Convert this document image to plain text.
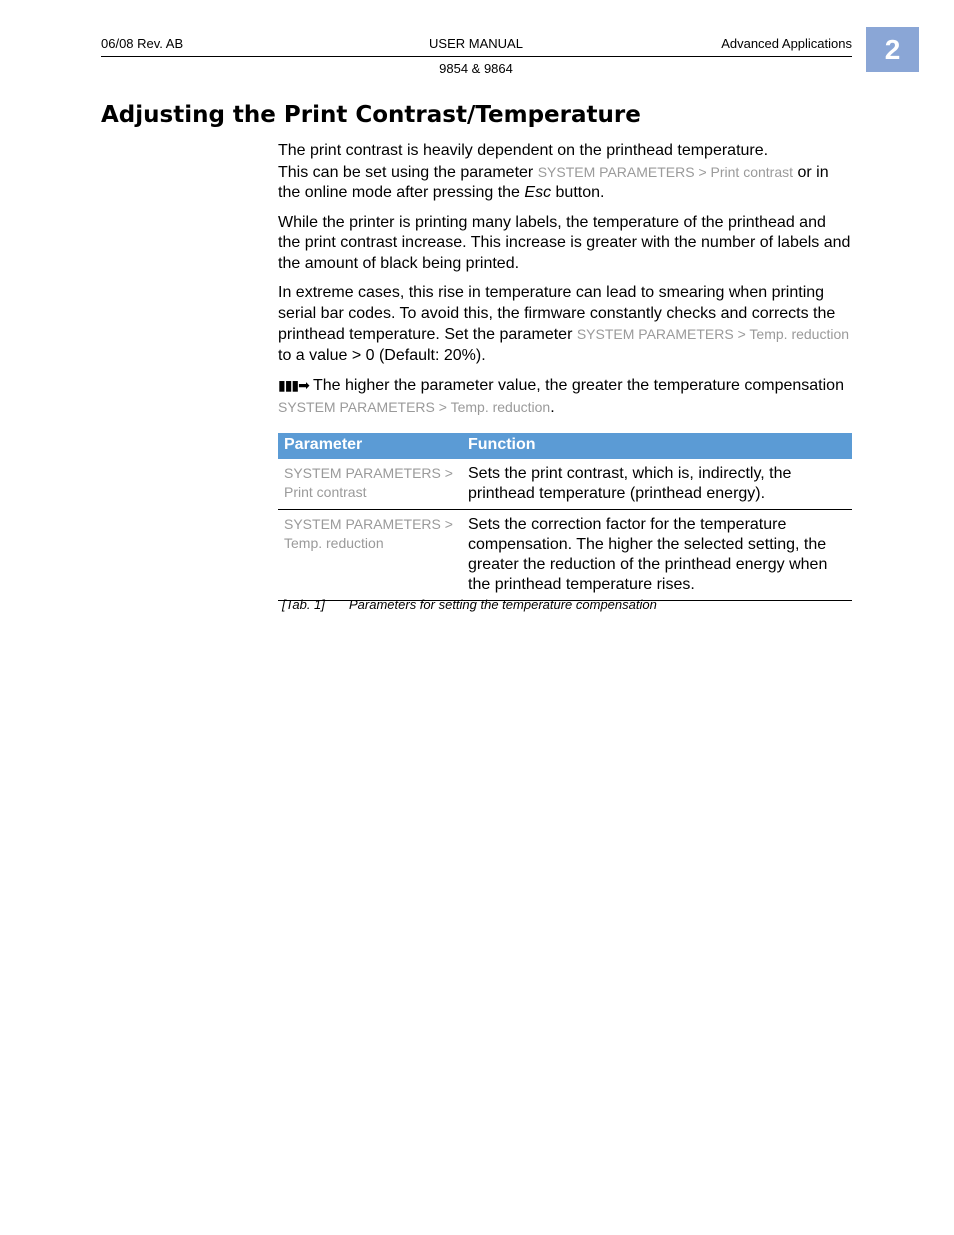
06/08 Rev. AB	USER MANUAL
9854 & 9864
Advanced Applications	2
Adjusting the Print Contrast/Temperature

The print contrast is heavily dependent on the printhead temperature.
This can be set using the parameter SYSTEM PARAMETERS > Print contrast or in the online mode after pressing the Esc button.

While the printer is printing many labels, the temperature of the printhead and the print contrast increase. This increase is greater with the number of labels and the amount of black being printed.

In extreme cases, this rise in temperature can lead to smearing when printing serial bar codes. To avoid this, the firmware constantly checks and corrects the printhead temperature. Set the parameter SYSTEM PARAMETERS > Temp. reduction to a value > 0 (Default: 20%).

▮▮▮➡ The higher the parameter value, the greater the temperature compensation SYSTEM PARAMETERS > Temp. reduction.

Parameter	Function
SYSTEM PARAMETERS >
Print contrast	Sets the print contrast, which is, indirectly, the printhead temperature (printhead energy).
SYSTEM PARAMETERS >
Temp. reduction	Sets the correction factor for the temperature compensation. The higher the selected setting, the greater the reduction of the printhead energy when the printhead temperature rises.
[Tab. 1] Parameters for setting the temperature compensation
